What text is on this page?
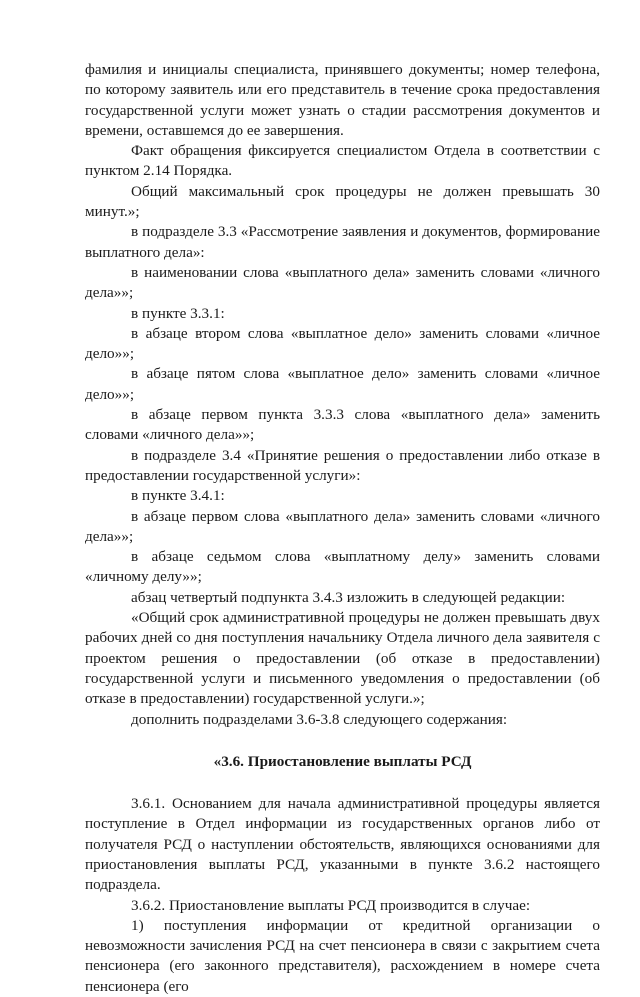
фамилия и инициалы специалиста, принявшего документы; номер телефона, по которому заявитель или его представитель в течение срока предоставления государственной услуги может узнать о стадии рассмотрения документов и времени, оставшемся до ее завершения.

Факт обращения фиксируется специалистом Отдела в соответствии с пунктом 2.14 Порядка.

Общий максимальный срок процедуры не должен превышать 30 минут.»;

в подразделе 3.3 «Рассмотрение заявления и документов, формирование выплатного дела»:

в наименовании слова «выплатного дела» заменить словами «личного дела»»;

в пункте 3.3.1:

в абзаце втором слова «выплатное дело» заменить словами «личное дело»»;

в абзаце пятом слова «выплатное дело» заменить словами «личное дело»»;

в абзаце первом пункта 3.3.3 слова «выплатного дела» заменить словами «личного дела»»;

в подразделе 3.4 «Принятие решения о предоставлении либо отказе в предоставлении государственной услуги»:

в пункте 3.4.1:

в абзаце первом слова «выплатного дела» заменить словами «личного дела»»;

в абзаце седьмом слова «выплатному делу» заменить словами «личному делу»»;

абзац четвертый подпункта 3.4.3 изложить в следующей редакции:

«Общий срок административной процедуры не должен превышать двух рабочих дней со дня поступления начальнику Отдела личного дела заявителя с проектом решения о предоставлении (об отказе в предоставлении) государственной услуги и письменного уведомления о предоставлении (об отказе в предоставлении) государственной услуги.»;

дополнить подразделами 3.6-3.8 следующего содержания:

«3.6. Приостановление выплаты РСД

3.6.1. Основанием для начала административной процедуры является поступление в Отдел информации из государственных органов либо от получателя РСД о наступлении обстоятельств, являющихся основаниями для приостановления выплаты РСД, указанными в пункте 3.6.2 настоящего подраздела.

3.6.2. Приостановление выплаты РСД производится в случае:

1) поступления информации от кредитной организации о невозможности зачисления РСД на счет пенсионера в связи с закрытием счета пенсионера (его законного представителя), расхождением в номере счета пенсионера (его
